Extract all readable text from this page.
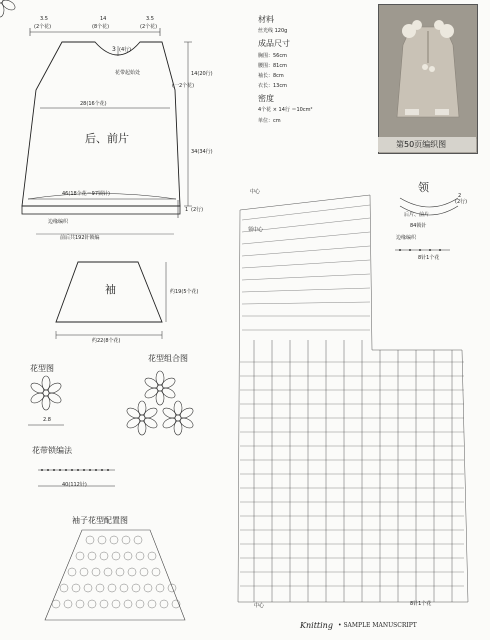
3.5
(2个花)
14
(8个花)
3.5
(2个花)
3 (4行)
花带起始处	14(20行)
(一2个花)
28(16个花)
后、前片
34(34行)
46(18个花＝97锁针)
1 (2行)
边缘编织
前后共192针锁编
袖	约19(5个花)
约22(8个花)
花型图
花型组合图
2.8
花带锁编法
40(112针)
袖子花型配置图
材料
丝光线 120g
成品尺寸
胸围：56cm
腰围：81cm
袖长：8cm
衣长：13cm
密度
4个花 × 14行 ＝10cm²
单位：cm
第50页编织图
中心
领中心
领
2
(2行)
后片、前片
84锁针
边缘编织
8针1个花
中心	8针1个花
Knitting • SAMPLE MANUSCRIPT
